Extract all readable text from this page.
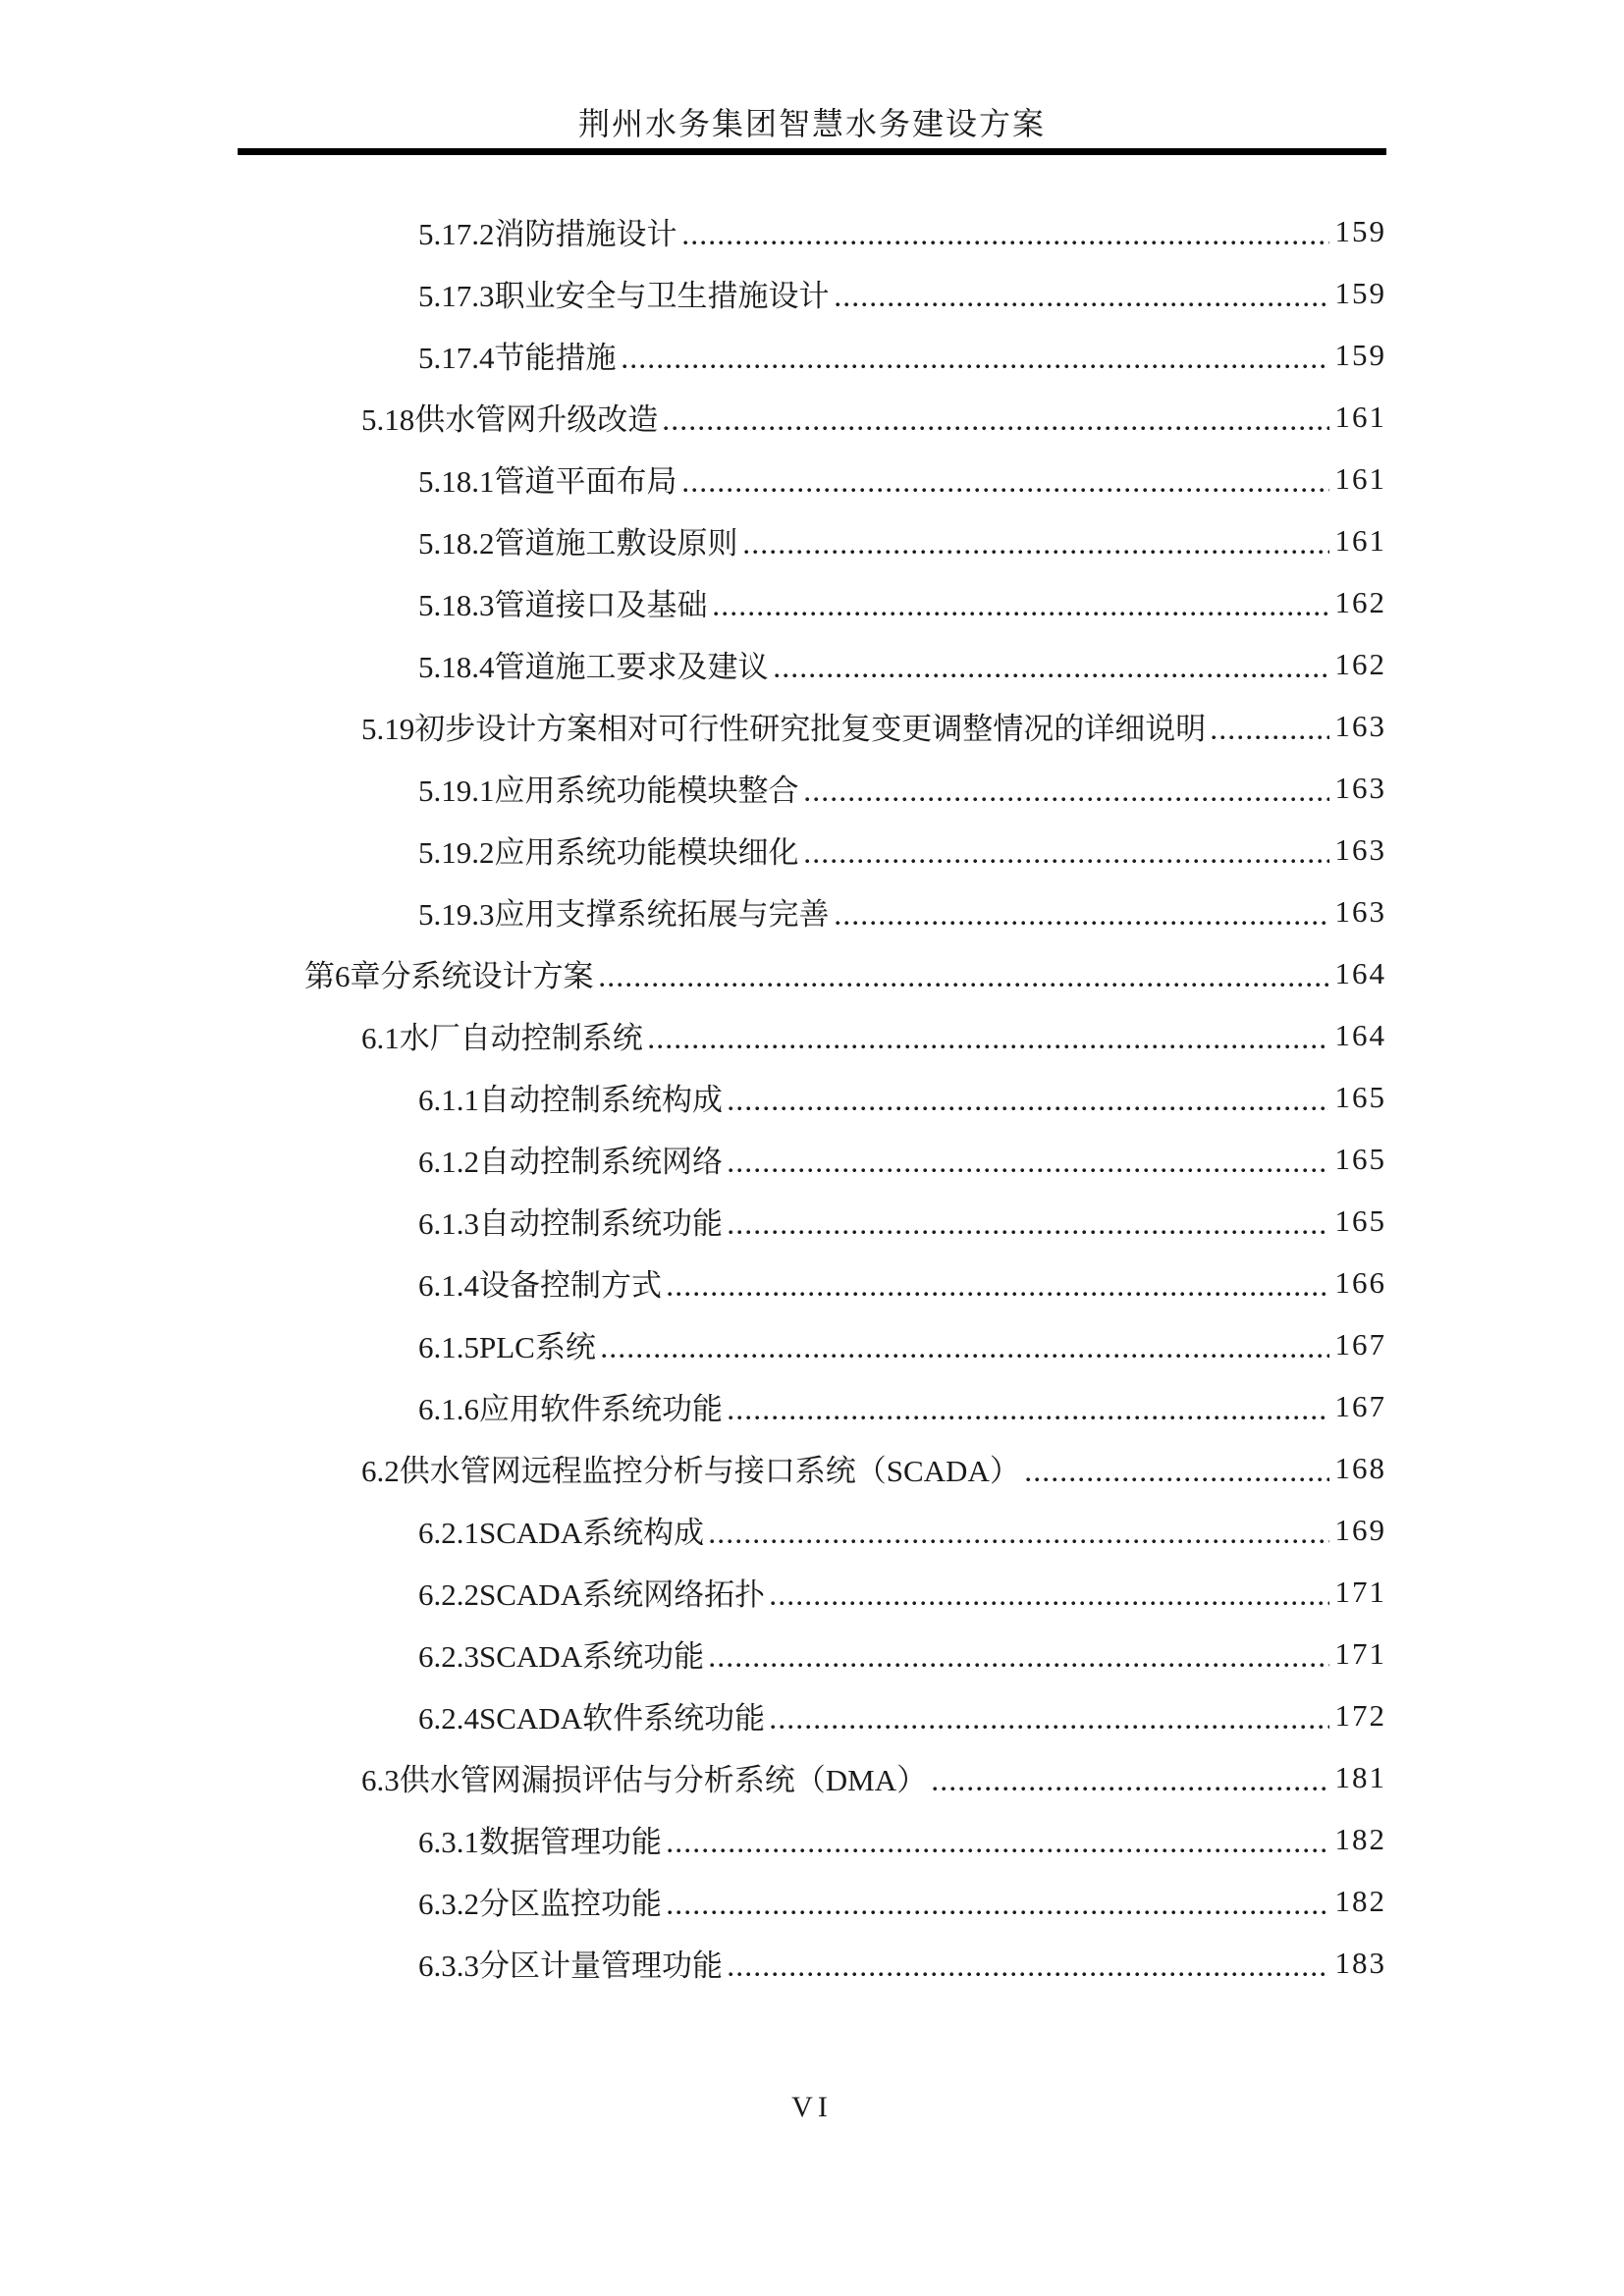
荆州水务集团智慧水务建设方案
5.17.2消防措施设计	159
5.17.3职业安全与卫生措施设计	159
5.17.4节能措施	159
5.18供水管网升级改造	161
5.18.1管道平面布局	161
5.18.2管道施工敷设原则	161
5.18.3管道接口及基础	162
5.18.4管道施工要求及建议	162
5.19初步设计方案相对可行性研究批复变更调整情况的详细说明	163
5.19.1应用系统功能模块整合	163
5.19.2应用系统功能模块细化	163
5.19.3应用支撑系统拓展与完善	163
第6章分系统设计方案	164
6.1水厂自动控制系统	164
6.1.1自动控制系统构成	165
6.1.2自动控制系统网络	165
6.1.3自动控制系统功能	165
6.1.4设备控制方式	166
6.1.5PLC系统	167
6.1.6应用软件系统功能	167
6.2供水管网远程监控分析与接口系统（SCADA）	168
6.2.1SCADA系统构成	169
6.2.2SCADA系统网络拓扑	171
6.2.3SCADA系统功能	171
6.2.4SCADA软件系统功能	172
6.3供水管网漏损评估与分析系统（DMA）	181
6.3.1数据管理功能	182
6.3.2分区监控功能	182
6.3.3分区计量管理功能	183
VI
